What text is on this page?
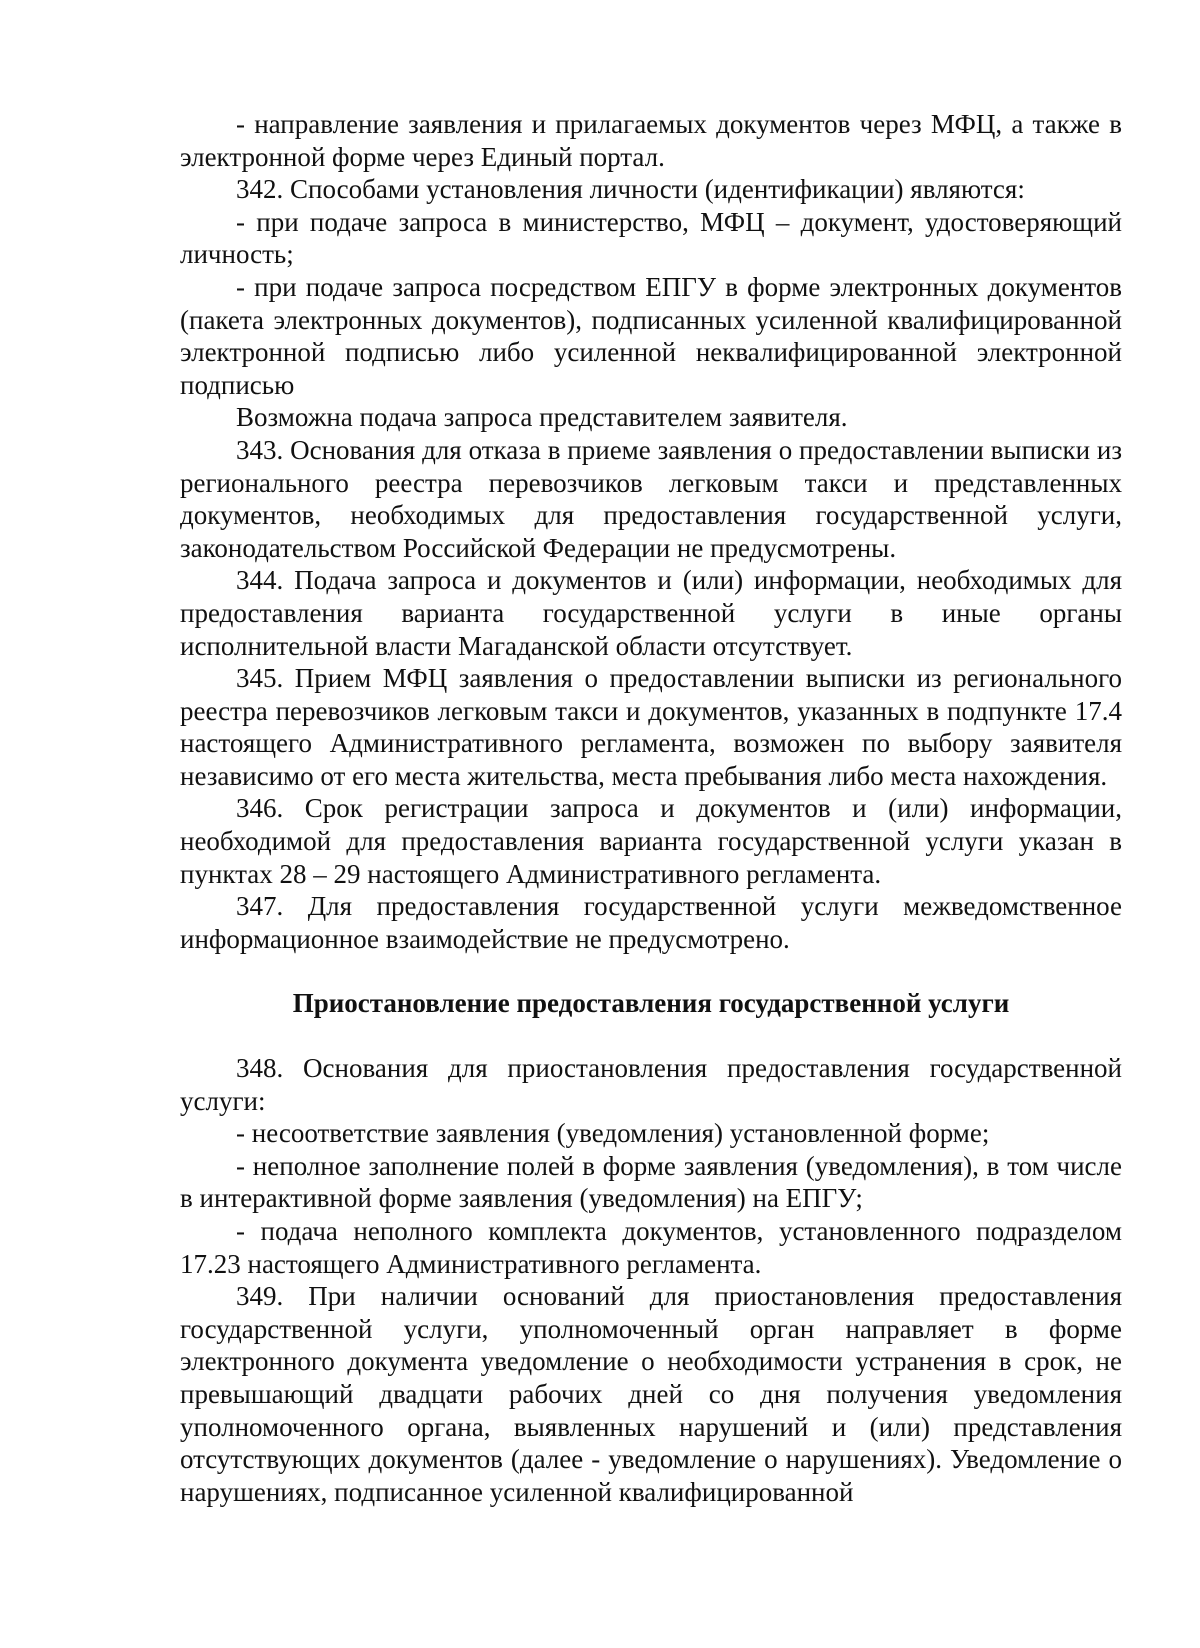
- направление заявления и прилагаемых документов через МФЦ, а также в электронной форме через Единый портал.

342. Способами установления личности (идентификации) являются:

- при подаче запроса в министерство, МФЦ – документ, удостоверяющий личность;

- при подаче запроса посредством ЕПГУ в форме электронных документов (пакета электронных документов), подписанных усиленной квалифицированной электронной подписью либо усиленной неквалифицированной электронной подписью

Возможна подача запроса представителем заявителя.

343. Основания для отказа в приеме заявления о предоставлении выписки из регионального реестра перевозчиков легковым такси и представленных документов, необходимых для предоставления государственной услуги, законодательством Российской Федерации не предусмотрены.

344. Подача запроса и документов и (или) информации, необходимых для предоставления варианта государственной услуги в иные органы исполнительной власти Магаданской области отсутствует.

345. Прием МФЦ заявления о предоставлении выписки из регионального реестра перевозчиков легковым такси и документов, указанных в подпункте 17.4 настоящего Административного регламента, возможен по выбору заявителя независимо от его места жительства, места пребывания либо места нахождения.

346. Срок регистрации запроса и документов и (или) информации, необходимой для предоставления варианта государственной услуги указан в пунктах 28 – 29 настоящего Административного регламента.

347. Для предоставления государственной услуги межведомственное информационное взаимодействие не предусмотрено.

Приостановление предоставления государственной услуги

348. Основания для приостановления предоставления государственной услуги:

- несоответствие заявления (уведомления) установленной форме;

- неполное заполнение полей в форме заявления (уведомления), в том числе в интерактивной форме заявления (уведомления) на ЕПГУ;

- подача неполного комплекта документов, установленного подразделом 17.23 настоящего Административного регламента.

349. При наличии оснований для приостановления предоставления государственной услуги, уполномоченный орган направляет в форме электронного документа уведомление о необходимости устранения в срок, не превышающий двадцати рабочих дней со дня получения уведомления уполномоченного органа, выявленных нарушений и (или) представления отсутствующих документов (далее - уведомление о нарушениях). Уведомление о нарушениях, подписанное усиленной квалифицированной
